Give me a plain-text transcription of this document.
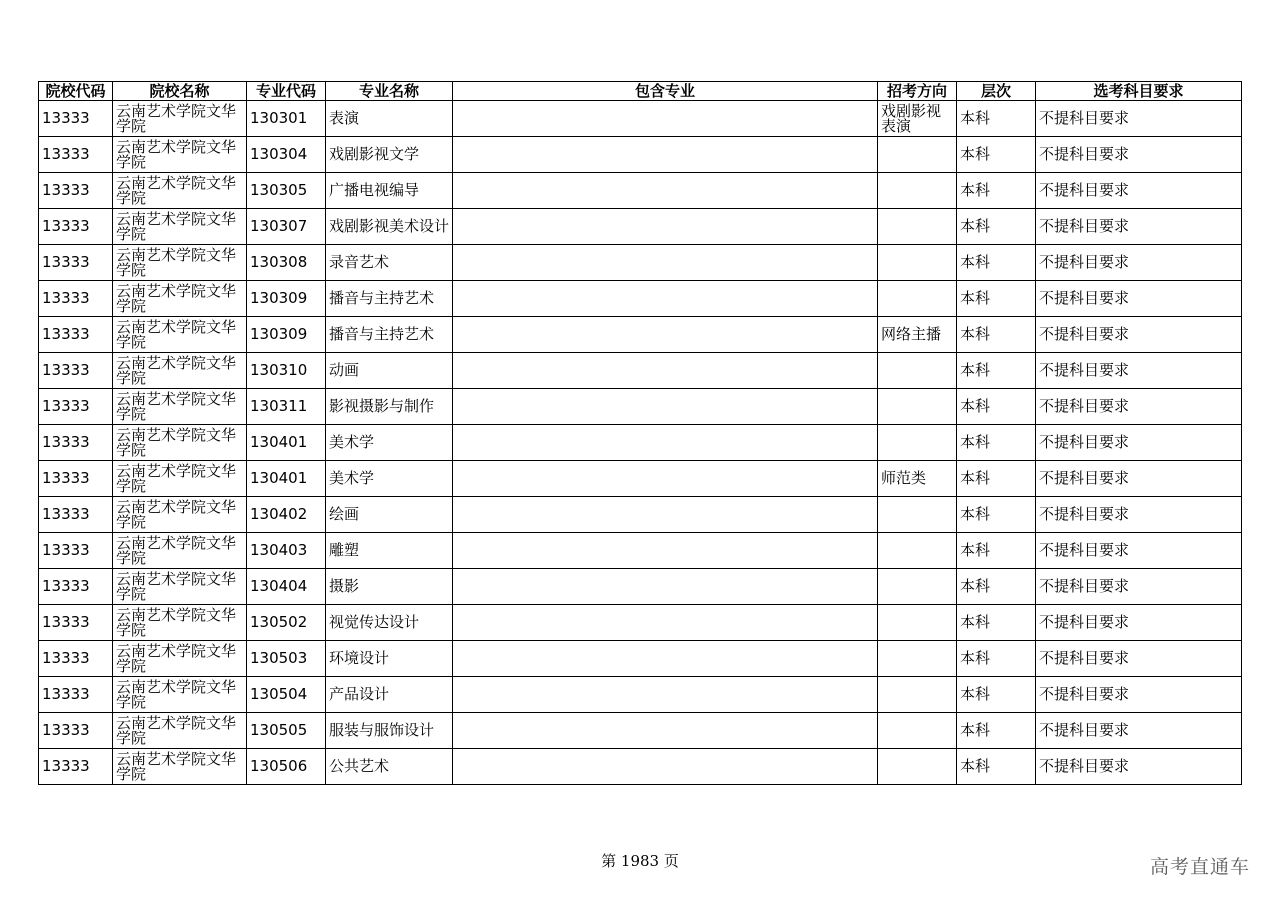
院校代码	院校名称	专业代码	专业名称	包含专业	招考方向	层次	选考科目要求
13333	云南艺术学院文华学院	130301	表演		戏剧影视表演	本科	不提科目要求
13333	云南艺术学院文华学院	130304	戏剧影视文学			本科	不提科目要求
13333	云南艺术学院文华学院	130305	广播电视编导			本科	不提科目要求
13333	云南艺术学院文华学院	130307	戏剧影视美术设计			本科	不提科目要求
13333	云南艺术学院文华学院	130308	录音艺术			本科	不提科目要求
13333	云南艺术学院文华学院	130309	播音与主持艺术			本科	不提科目要求
13333	云南艺术学院文华学院	130309	播音与主持艺术		网络主播	本科	不提科目要求
13333	云南艺术学院文华学院	130310	动画			本科	不提科目要求
13333	云南艺术学院文华学院	130311	影视摄影与制作			本科	不提科目要求
13333	云南艺术学院文华学院	130401	美术学			本科	不提科目要求
13333	云南艺术学院文华学院	130401	美术学		师范类	本科	不提科目要求
13333	云南艺术学院文华学院	130402	绘画			本科	不提科目要求
13333	云南艺术学院文华学院	130403	雕塑			本科	不提科目要求
13333	云南艺术学院文华学院	130404	摄影			本科	不提科目要求
13333	云南艺术学院文华学院	130502	视觉传达设计			本科	不提科目要求
13333	云南艺术学院文华学院	130503	环境设计			本科	不提科目要求
13333	云南艺术学院文华学院	130504	产品设计			本科	不提科目要求
13333	云南艺术学院文华学院	130505	服装与服饰设计			本科	不提科目要求
13333	云南艺术学院文华学院	130506	公共艺术			本科	不提科目要求
第 1983 页	高考直通车
